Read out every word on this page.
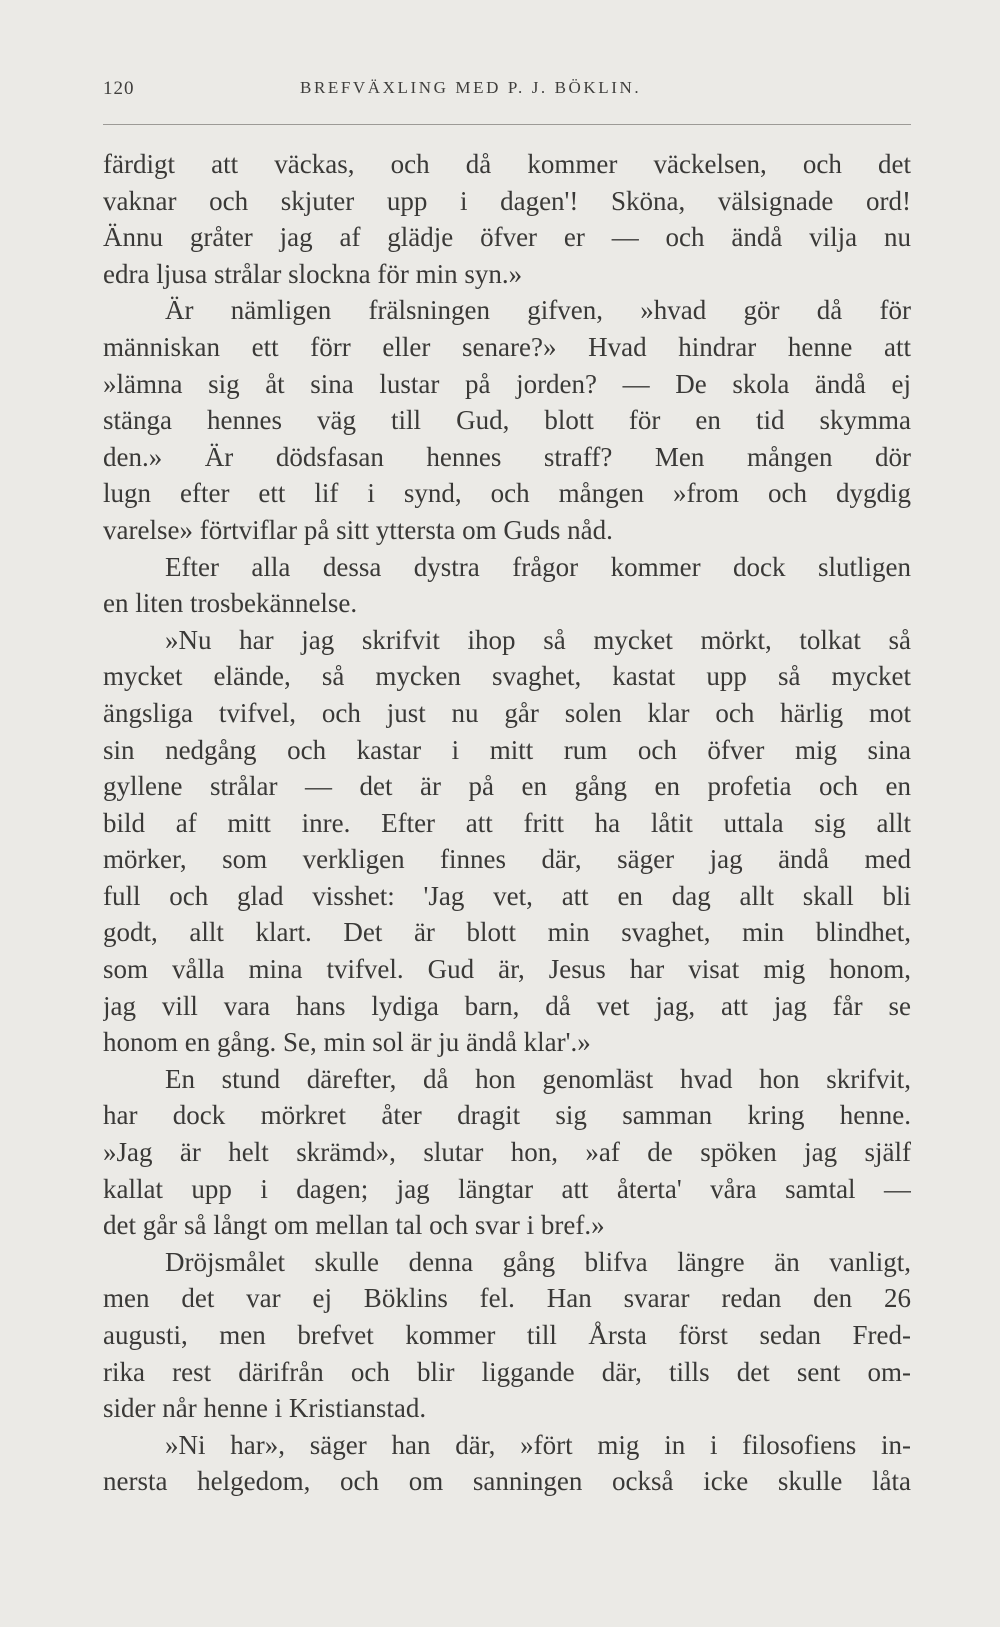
120	BREFVÄXLING MED P. J. BÖKLIN.
färdigt att väckas, och då kommer väckelsen, och det
vaknar och skjuter upp i dagen'! Sköna, välsignade ord!
Ännu gråter jag af glädje öfver er — och ändå vilja nu
edra ljusa strålar slockna för min syn.»
Är nämligen frälsningen gifven, »hvad gör då för
människan ett förr eller senare?» Hvad hindrar henne att
»lämna sig åt sina lustar på jorden? — De skola ändå ej
stänga hennes väg till Gud, blott för en tid skymma
den.» Är dödsfasan hennes straff? Men mången dör
lugn efter ett lif i synd, och mången »from och dygdig
varelse» förtviflar på sitt yttersta om Guds nåd.
Efter alla dessa dystra frågor kommer dock slutligen
en liten trosbekännelse.
»Nu har jag skrifvit ihop så mycket mörkt, tolkat så
mycket elände, så mycken svaghet, kastat upp så mycket
ängsliga tvifvel, och just nu går solen klar och härlig mot
sin nedgång och kastar i mitt rum och öfver mig sina
gyllene strålar — det är på en gång en profetia och en
bild af mitt inre. Efter att fritt ha låtit uttala sig allt
mörker, som verkligen finnes där, säger jag ändå med
full och glad visshet: 'Jag vet, att en dag allt skall bli
godt, allt klart. Det är blott min svaghet, min blindhet,
som vålla mina tvifvel. Gud är, Jesus har visat mig honom,
jag vill vara hans lydiga barn, då vet jag, att jag får se
honom en gång. Se, min sol är ju ändå klar'.»
En stund därefter, då hon genomläst hvad hon skrifvit,
har dock mörkret åter dragit sig samman kring henne.
»Jag är helt skrämd», slutar hon, »af de spöken jag själf
kallat upp i dagen; jag längtar att återta' våra samtal —
det går så långt om mellan tal och svar i bref.»
Dröjsmålet skulle denna gång blifva längre än vanligt,
men det var ej Böklins fel. Han svarar redan den 26
augusti, men brefvet kommer till Årsta först sedan Fred-
rika rest därifrån och blir liggande där, tills det sent om-
sider når henne i Kristianstad.
»Ni har», säger han där, »fört mig in i filosofiens in-
nersta helgedom, och om sanningen också icke skulle låta
